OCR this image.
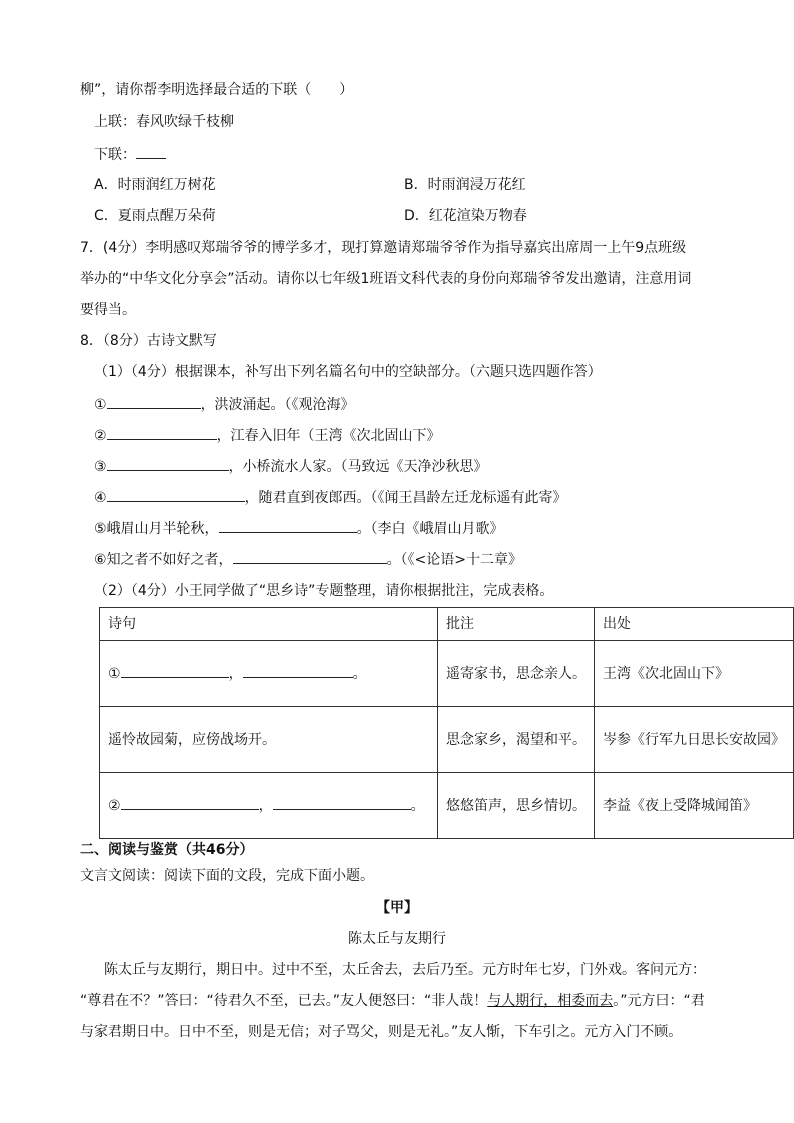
柳”，请你帮李明选择最合适的下联（　　）
上联：春风吹绿千枝柳
下联：
A．时雨润红万树花	B．时雨润浸万花红
C．夏雨点醒万朵荷	D．红花渲染万物春
7．(4分）李明感叹郑瑞爷爷的博学多才，现打算邀请郑瑞爷爷作为指导嘉宾出席周一上午9点班级
举办的“中华文化分享会”活动。请你以七年级1班语文科代表的身份向郑瑞爷爷发出邀请，注意用词
要得当。
8．（8分）古诗文默写
（1）（4分）根据课本，补写出下列名篇名句中的空缺部分。（六题只选四题作答）
①	，洪波涌起。（《观沧海》
②	，江春入旧年（王湾《次北固山下》
③	，小桥流水人家。（马致远《天净沙秋思》
④	，随君直到夜郎西。（《闻王昌龄左迁龙标遥有此寄》
⑤峨眉山月半轮秋，	。（李白《峨眉山月歌》
⑥知之者不如好之者，	。（《<论语>十二章》
（2）（4分）小王同学做了“思乡诗”专题整理，请你根据批注，完成表格。
诗句	批注	出处
① ， 。	遥寄家书，思念亲人。	王湾《次北固山下》
遥怜故园菊，应傍战场开。	思念家乡，渴望和平。	岑参《行军九日思长安故园》
② ， 。	悠悠笛声，思乡情切。	李益《夜上受降城闻笛》
二、阅读与鉴赏（共46分）
文言文阅读：阅读下面的文段，完成下面小题。
【甲】
陈太丘与友期行
陈太丘与友期行，期日中。过中不至，太丘舍去，去后乃至。元方时年七岁，门外戏。客问元方：
“尊君在不？”答曰：“待君久不至，已去。”友人便怒曰：“非人哉！与人期行，相委而去。”元方曰：“君
与家君期日中。日中不至，则是无信；对子骂父，则是无礼。”友人惭，下车引之。元方入门不顾。
